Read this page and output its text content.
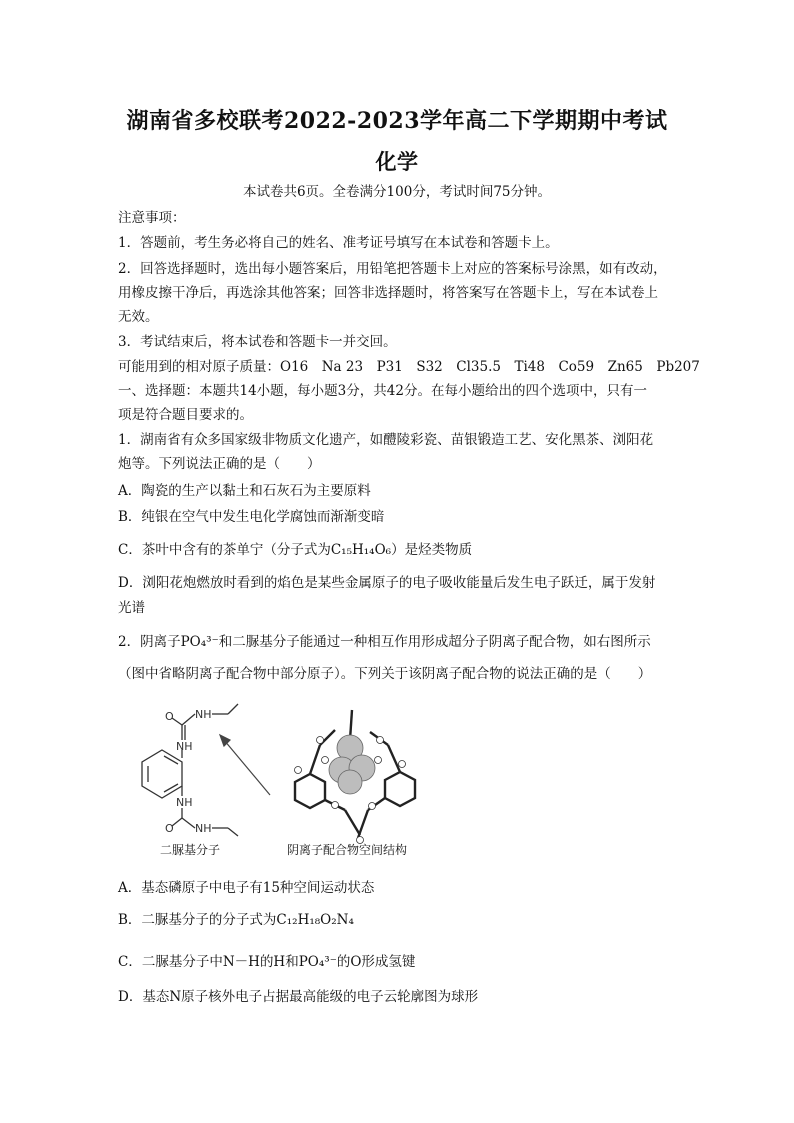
湖南省多校联考2022-2023学年高二下学期期中考试
化学
本试卷共6页。全卷满分100分，考试时间75分钟。
注意事项：
1．答题前，考生务必将自己的姓名、准考证号填写在本试卷和答题卡上。
2．回答选择题时，选出每小题答案后，用铅笔把答题卡上对应的答案标号涂黑，如有改动，
用橡皮擦干净后，再选涂其他答案；回答非选择题时，将答案写在答题卡上，写在本试卷上
无效。
3．考试结束后，将本试卷和答题卡一并交回。
可能用到的相对原子质量：O16　Na 23　P31　S32　Cl35.5　Ti48　Co59　Zn65　Pb207
一、选择题：本题共14小题，每小题3分，共42分。在每小题给出的四个选项中，只有一
项是符合题目要求的。
1．湖南省有众多国家级非物质文化遗产，如醴陵彩瓷、苗银锻造工艺、安化黑茶、浏阳花
炮等。下列说法正确的是（　　）
A．陶瓷的生产以黏土和石灰石为主要原料
B．纯银在空气中发生电化学腐蚀而渐渐变暗
C．茶叶中含有的茶单宁（分子式为C₁₅H₁₄O₆）是烃类物质
D．浏阳花炮燃放时看到的焰色是某些金属原子的电子吸收能量后发生电子跃迁，属于发射
光谱
2．阴离子PO₄³⁻和二脲基分子能通过一种相互作用形成超分子阴离子配合物，如右图所示
（图中省略阴离子配合物中部分原子）。下列关于该阴离子配合物的说法正确的是（　　）
O NH
NH
NH
O NH
二脲基分子	阴离子配合物空间结构
A．基态磷原子中电子有15种空间运动状态
B．二脲基分子的分子式为C₁₂H₁₈O₂N₄
C．二脲基分子中N－H的H和PO₄³⁻的O形成氢键
D．基态N原子核外电子占据最高能级的电子云轮廓图为球形
